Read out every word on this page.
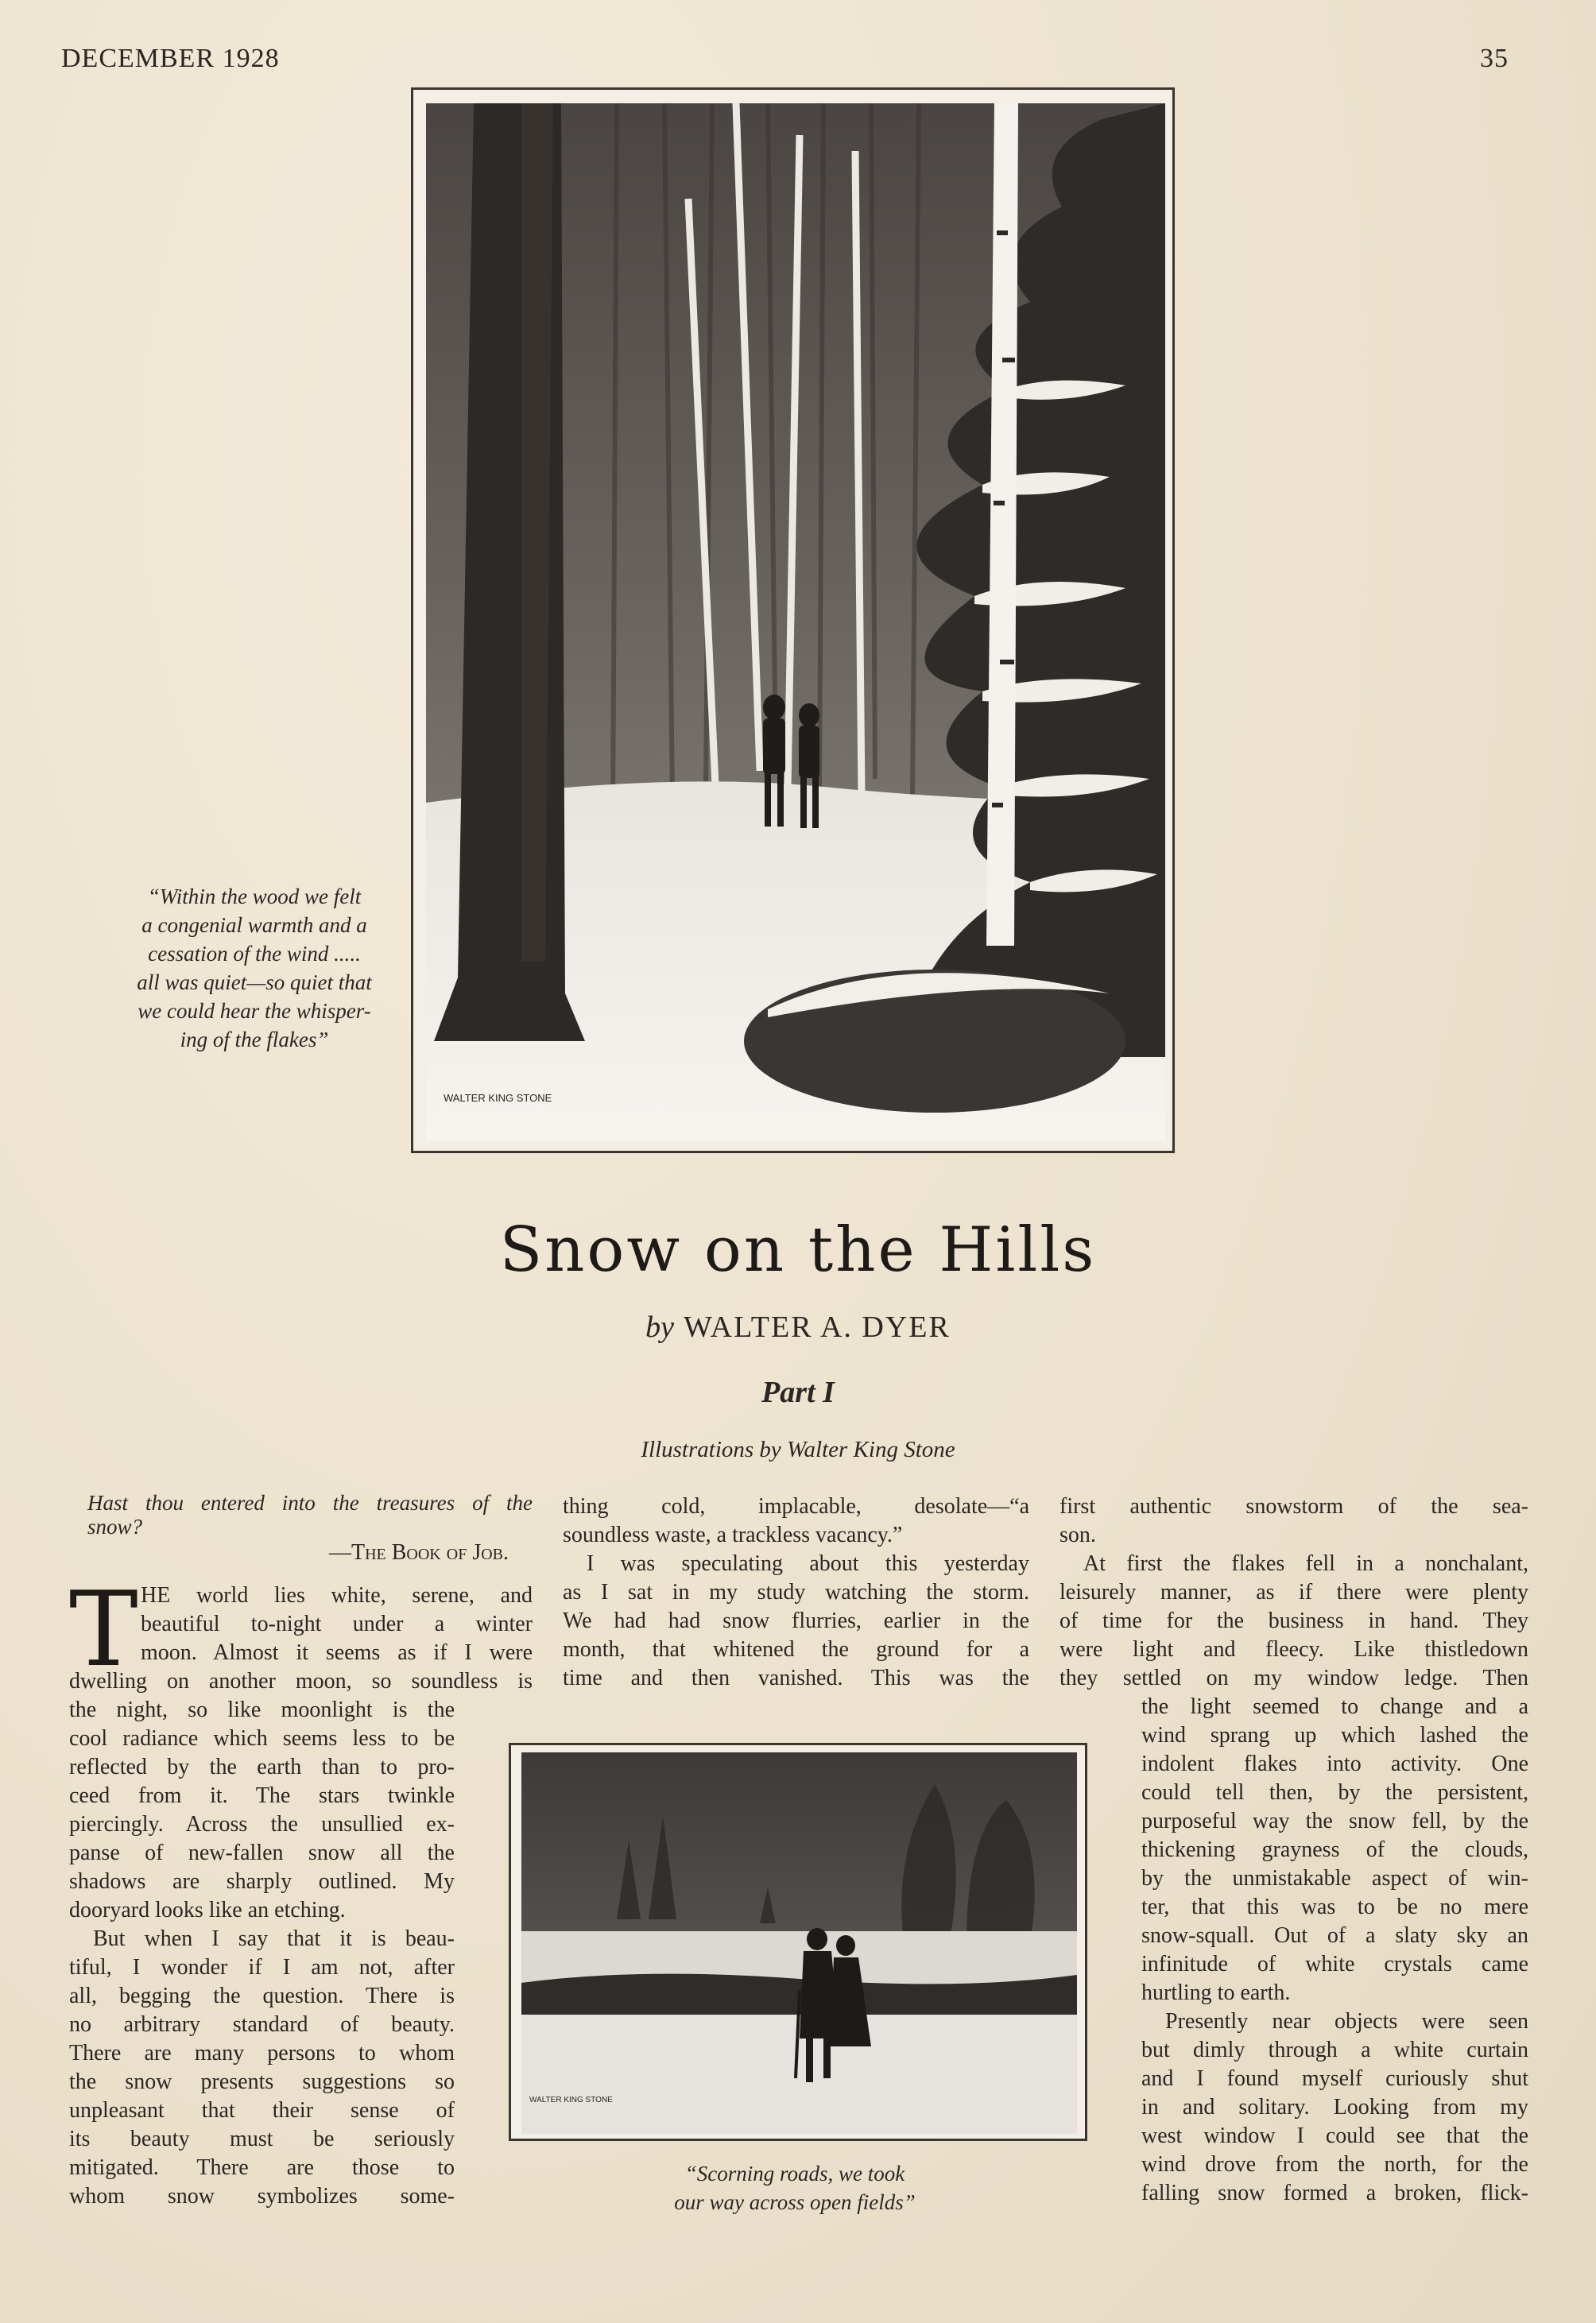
DECEMBER 1928	35
WALTER KING STONE
“Within the wood we felt
a congenial warmth and a
cessation of the wind .....
all was quiet—so quiet that
we could hear the whisper-
ing of the flakes”
Snow on the Hills
by WALTER A. DYER
Part I
Illustrations by Walter King Stone
Hast thou entered into the treasures of the
snow?
—The Book of Job.
T HE world lies white, serene, and
beautiful to-night under a winter
moon. Almost it seems as if I were
dwelling on another moon, so soundless is
the night, so like moonlight is the
cool radiance which seems less to be
reflected by the earth than to pro-
ceed from it. The stars twinkle
piercingly. Across the unsullied ex-
panse of new-fallen snow all the
shadows are sharply outlined. My
dooryard looks like an etching.
But when I say that it is beau-
tiful, I wonder if I am not, after
all, begging the question. There is
no arbitrary standard of beauty.
There are many persons to whom
the snow presents suggestions so
unpleasant that their sense of
its beauty must be seriously
mitigated. There are those to
whom snow symbolizes some-
thing cold, implacable, desolate—“a
soundless waste, a trackless vacancy.”
I was speculating about this yesterday
as I sat in my study watching the storm.
We had had snow flurries, earlier in the
month, that whitened the ground for a
time and then vanished. This was the
first authentic snowstorm of the sea-
son.
At first the flakes fell in a nonchalant,
leisurely manner, as if there were plenty
of time for the business in hand. They
were light and fleecy. Like thistledown
they settled on my window ledge. Then
the light seemed to change and a
wind sprang up which lashed the
indolent flakes into activity. One
could tell then, by the persistent,
purposeful way the snow fell, by the
thickening grayness of the clouds,
by the unmistakable aspect of win-
ter, that this was to be no mere
snow-squall. Out of a slaty sky an
infinitude of white crystals came
hurtling to earth.
Presently near objects were seen
but dimly through a white curtain
and I found myself curiously shut
in and solitary. Looking from my
west window I could see that the
wind drove from the north, for the
falling snow formed a broken, flick-
WALTER KING STONE
“Scorning roads, we took
our way across open fields”
